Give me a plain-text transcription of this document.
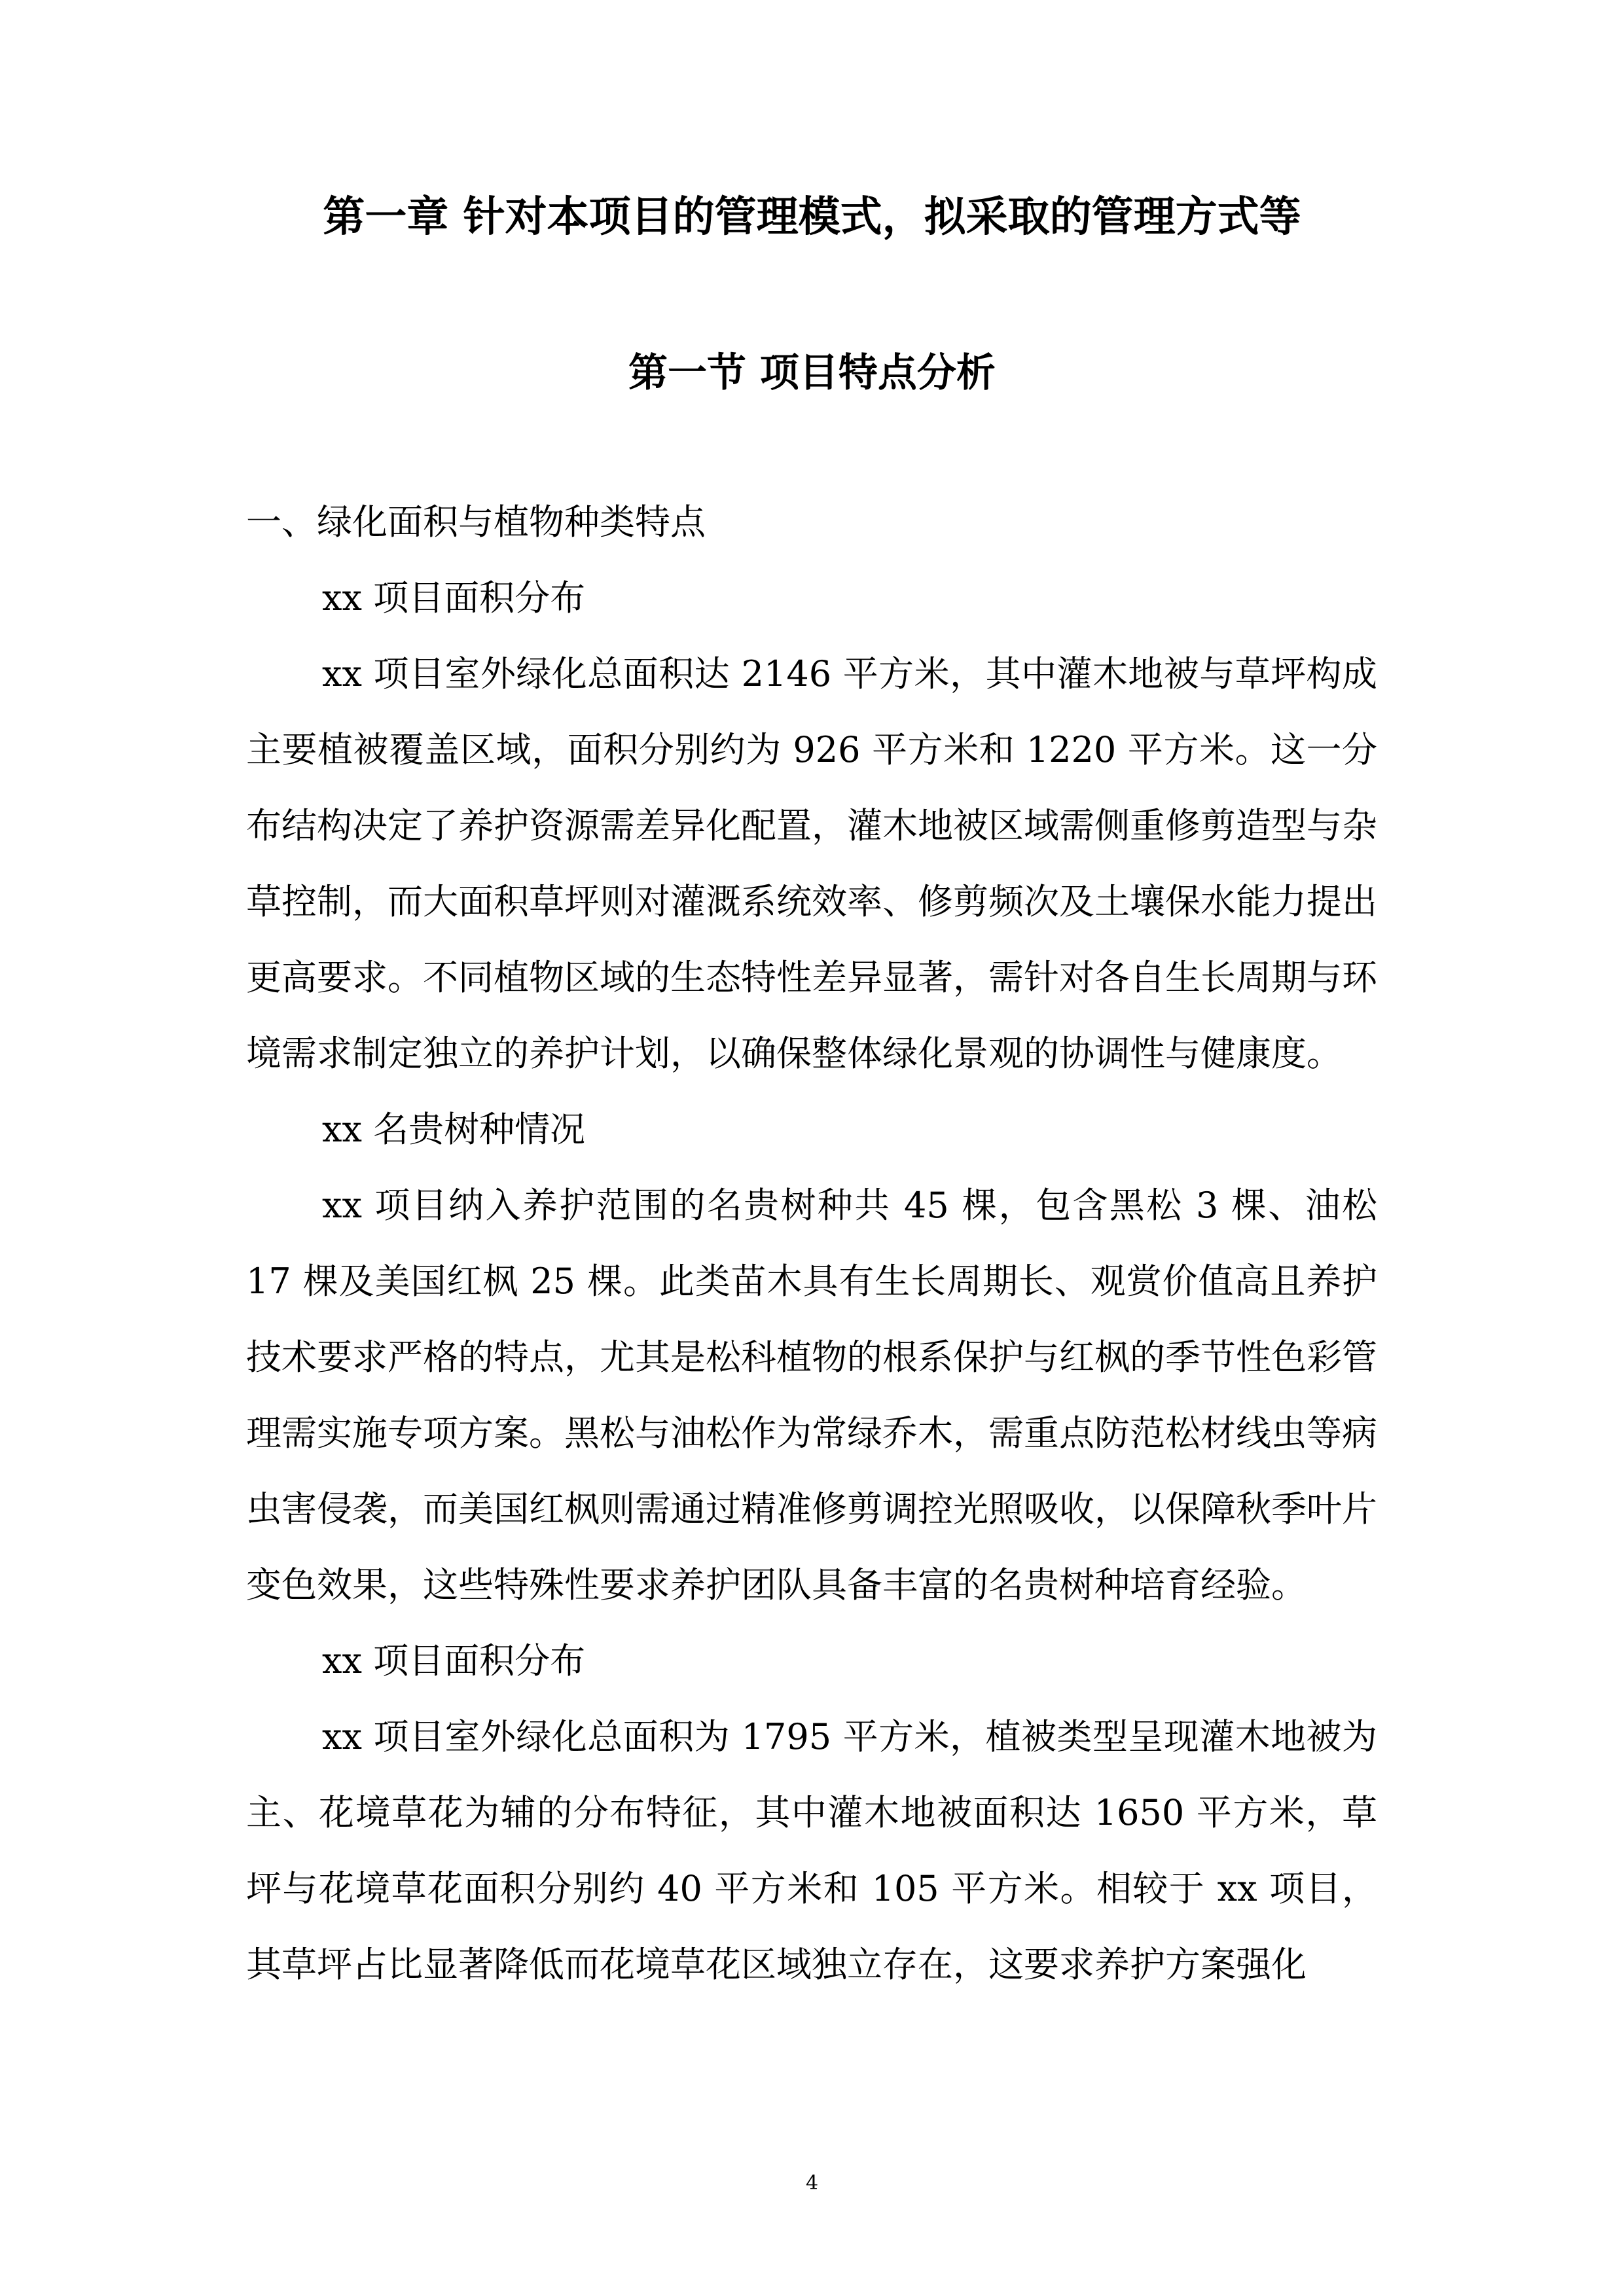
第一章 针对本项目的管理模式，拟采取的管理方式等
第一节 项目特点分析

一、绿化面积与植物种类特点

xx 项目面积分布

xx 项目室外绿化总面积达 2146 平方米，其中灌木地被与草坪构成主要植被覆盖区域，面积分别约为 926 平方米和 1220 平方米。这一分布结构决定了养护资源需差异化配置，灌木地被区域需侧重修剪造型与杂草控制，而大面积草坪则对灌溉系统效率、修剪频次及土壤保水能力提出更高要求。不同植物区域的生态特性差异显著，需针对各自生长周期与环境需求制定独立的养护计划，以确保整体绿化景观的协调性与健康度。

xx 名贵树种情况

xx 项目纳入养护范围的名贵树种共 45 棵，包含黑松 3 棵、油松 17 棵及美国红枫 25 棵。此类苗木具有生长周期长、观赏价值高且养护技术要求严格的特点，尤其是松科植物的根系保护与红枫的季节性色彩管理需实施专项方案。黑松与油松作为常绿乔木，需重点防范松材线虫等病虫害侵袭，而美国红枫则需通过精准修剪调控光照吸收，以保障秋季叶片变色效果，这些特殊性要求养护团队具备丰富的名贵树种培育经验。

xx 项目面积分布

xx 项目室外绿化总面积为 1795 平方米，植被类型呈现灌木地被为主、花境草花为辅的分布特征，其中灌木地被面积达 1650 平方米，草坪与花境草花面积分别约 40 平方米和 105 平方米。相较于 xx 项目，其草坪占比显著降低而花境草花区域独立存在，这要求养护方案强化

4
